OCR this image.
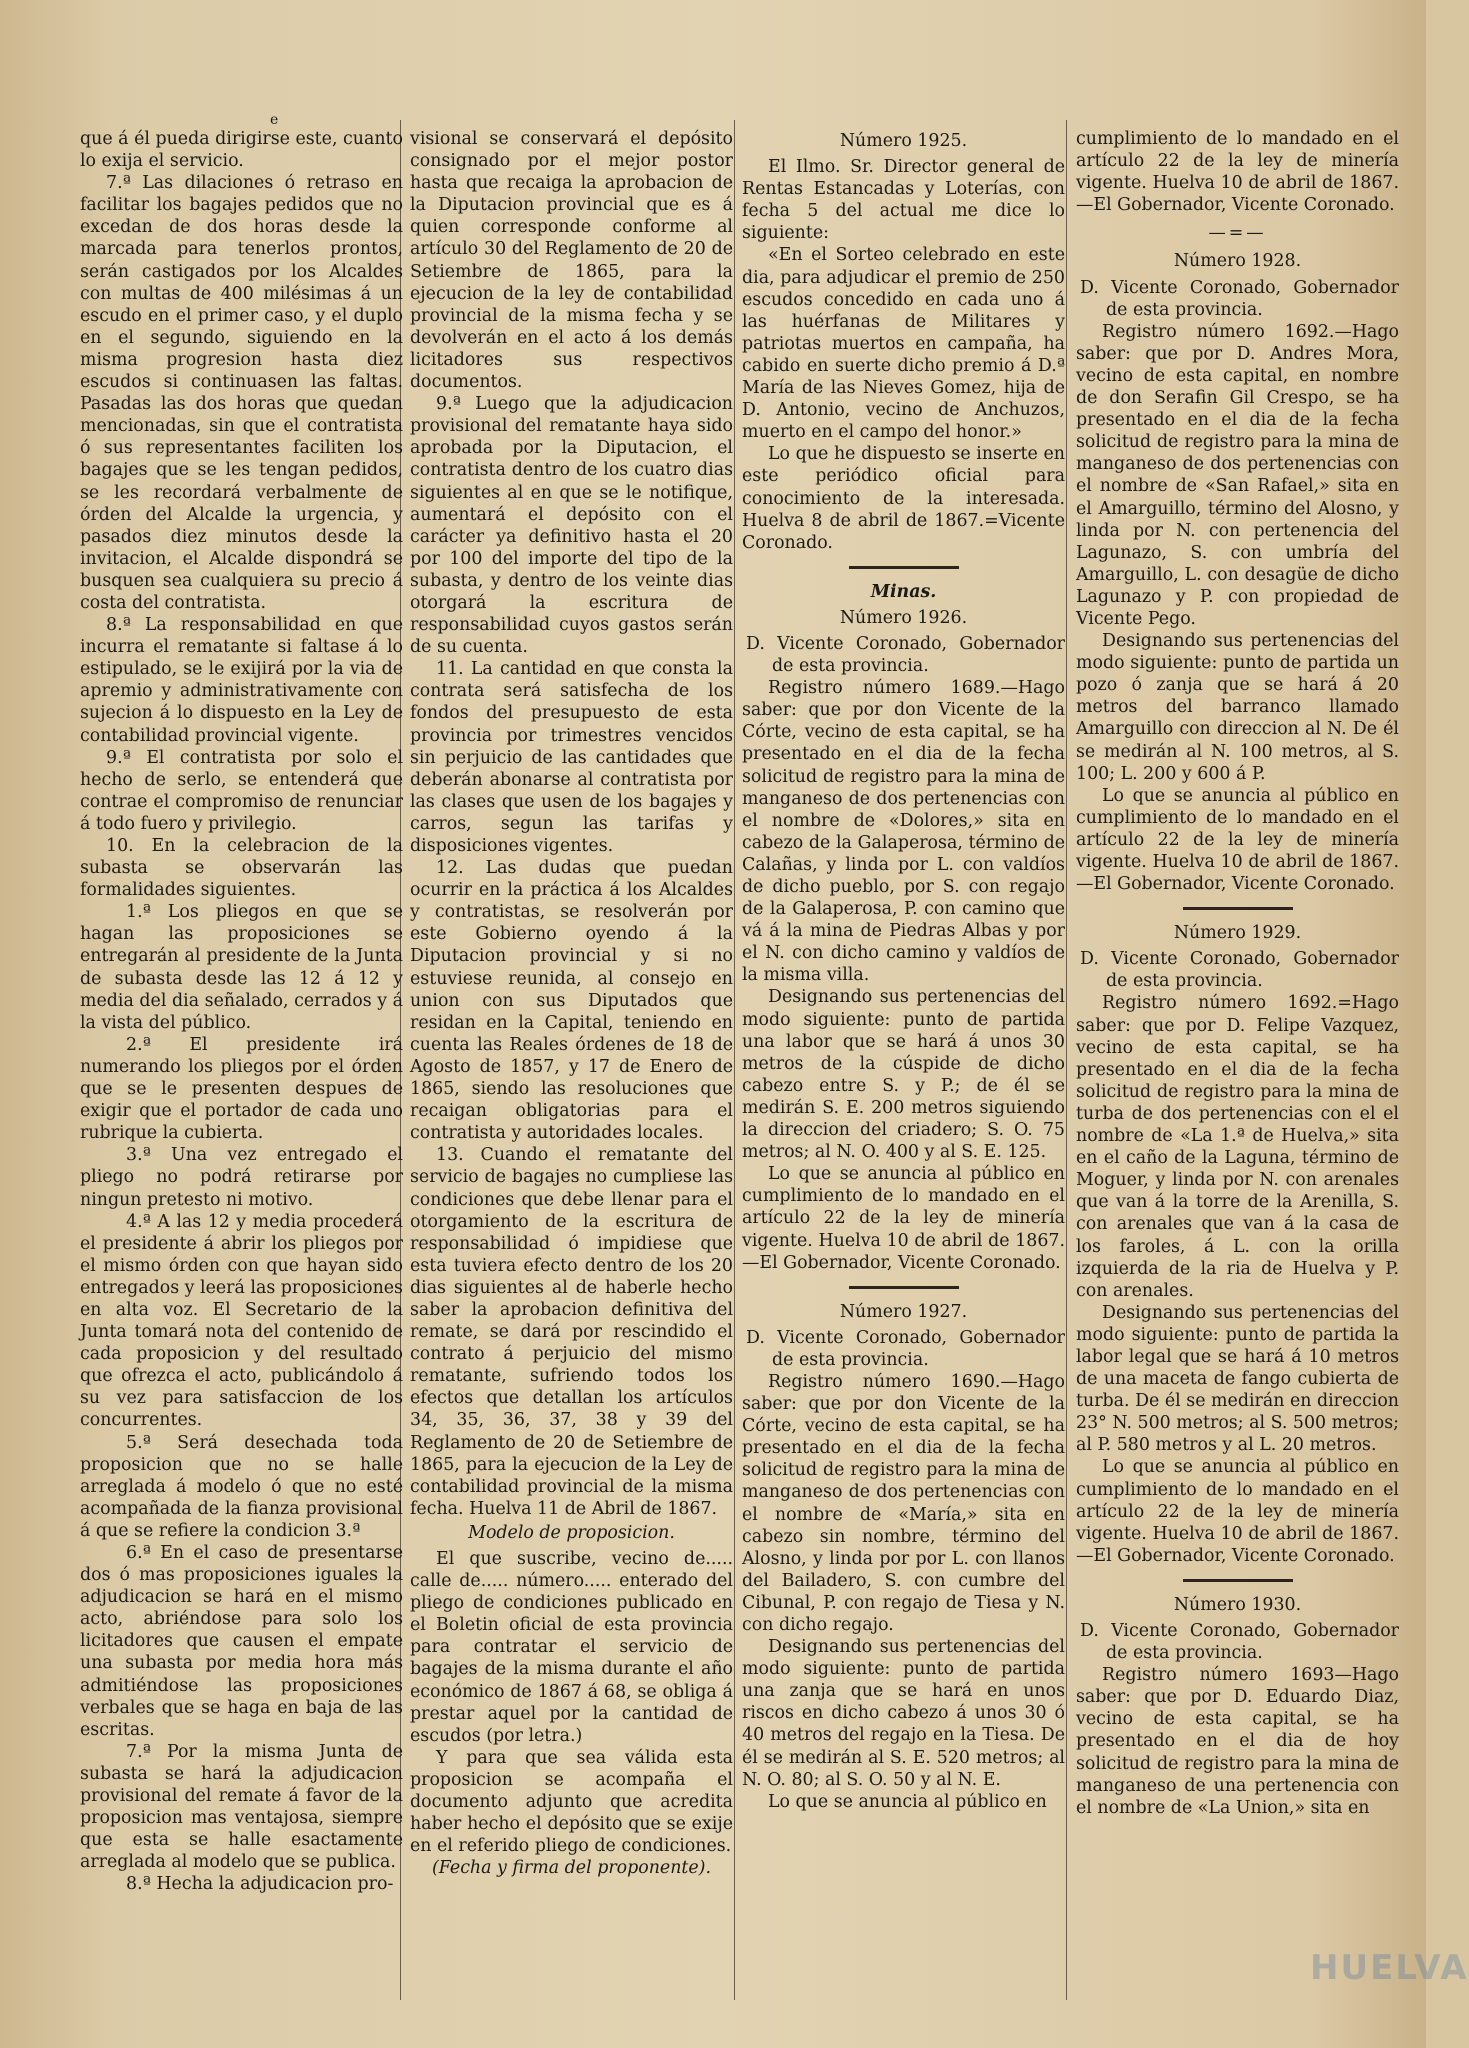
e

que á él pueda dirigirse este, cuanto lo exija el servicio.

7.ª Las dilaciones ó retraso en facilitar los bagajes pedidos que no excedan de dos horas desde la marcada para tenerlos prontos, serán castigados por los Alcaldes con multas de 400 milésimas á un escudo en el primer caso, y el duplo en el segundo, siguiendo en la misma progresion hasta diez escudos si continuasen las faltas. Pasadas las dos horas que quedan mencionadas, sin que el contratista ó sus representantes faciliten los bagajes que se les tengan pedidos, se les recordará verbalmente de órden del Alcalde la urgencia, y pasados diez minutos desde la invitacion, el Alcalde dispondrá se busquen sea cualquiera su precio á costa del contratista.

8.ª La responsabilidad en que incurra el rematante si faltase á lo estipulado, se le exijirá por la via de apremio y administrativamente con sujecion á lo dispuesto en la Ley de contabilidad provincial vigente.

9.ª El contratista por solo el hecho de serlo, se entenderá que contrae el compromiso de renunciar á todo fuero y privilegio.

10. En la celebracion de la subasta se observarán las formalidades siguientes.

1.ª Los pliegos en que se hagan las proposiciones se entregarán al presidente de la Junta de subasta desde las 12 á 12 y media del dia señalado, cerrados y á la vista del público.

2.ª El presidente irá numerando los pliegos por el órden que se le presenten despues de exigir que el portador de cada uno rubrique la cubierta.

3.ª Una vez entregado el pliego no podrá retirarse por ningun pretesto ni motivo.

4.ª A las 12 y media procederá el presidente á abrir los pliegos por el mismo órden con que hayan sido entregados y leerá las proposiciones en alta voz. El Secretario de la Junta tomará nota del contenido de cada proposicion y del resultado que ofrezca el acto, publicándolo á su vez para satisfaccion de los concurrentes.

5.ª Será desechada toda proposicion que no se halle arreglada á modelo ó que no esté acompañada de la fianza provisional á que se refiere la condicion 3.ª

6.ª En el caso de presentarse dos ó mas proposiciones iguales la adjudicacion se hará en el mismo acto, abriéndose para solo los licitadores que causen el empate una subasta por media hora más admitiéndose las proposiciones verbales que se haga en baja de las escritas.

7.ª Por la misma Junta de subasta se hará la adjudicacion provisional del remate á favor de la proposicion mas ventajosa, siempre que esta se halle esactamente arreglada al modelo que se publica.

8.ª Hecha la adjudicacion pro-

visional se conservará el depósito consignado por el mejor postor hasta que recaiga la aprobacion de la Diputacion provincial que es á quien corresponde conforme al artículo 30 del Reglamento de 20 de Setiembre de 1865, para la ejecucion de la ley de contabilidad provincial de la misma fecha y se devolverán en el acto á los demás licitadores sus respectivos documentos.

9.ª Luego que la adjudicacion provisional del rematante haya sido aprobada por la Diputacion, el contratista dentro de los cuatro dias siguientes al en que se le notifique, aumentará el depósito con el carácter ya definitivo hasta el 20 por 100 del importe del tipo de la subasta, y dentro de los veinte dias otorgará la escritura de responsabilidad cuyos gastos serán de su cuenta.

11. La cantidad en que consta la contrata será satisfecha de los fondos del presupuesto de esta provincia por trimestres vencidos sin perjuicio de las cantidades que deberán abonarse al contratista por las clases que usen de los bagajes y carros, segun las tarifas y disposiciones vigentes.

12. Las dudas que puedan ocurrir en la práctica á los Alcaldes y contratistas, se resolverán por este Gobierno oyendo á la Diputacion provincial y si no estuviese reunida, al consejo en union con sus Diputados que residan en la Capital, teniendo en cuenta las Reales órdenes de 18 de Agosto de 1857, y 17 de Enero de 1865, siendo las resoluciones que recaigan obligatorias para el contratista y autoridades locales.

13. Cuando el rematante del servicio de bagajes no cumpliese las condiciones que debe llenar para el otorgamiento de la escritura de responsabilidad ó impidiese que esta tuviera efecto dentro de los 20 dias siguientes al de haberle hecho saber la aprobacion definitiva del remate, se dará por rescindido el contrato á perjuicio del mismo rematante, sufriendo todos los efectos que detallan los artículos 34, 35, 36, 37, 38 y 39 del Reglamento de 20 de Setiembre de 1865, para la ejecucion de la Ley de contabilidad provincial de la misma fecha. Huelva 11 de Abril de 1867.

Modelo de proposicion.

El que suscribe, vecino de..... calle de..... número..... enterado del pliego de condiciones publicado en el Boletin oficial de esta provincia para contratar el servicio de bagajes de la misma durante el año económico de 1867 á 68, se obliga á prestar aquel por la cantidad de escudos (por letra.)

Y para que sea válida esta proposicion se acompaña el documento adjunto que acredita haber hecho el depósito que se exije en el referido pliego de condiciones.

(Fecha y firma del proponente).
Número 1925.

El Ilmo. Sr. Director general de Rentas Estancadas y Loterías, con fecha 5 del actual me dice lo siguiente:

«En el Sorteo celebrado en este dia, para adjudicar el premio de 250 escudos concedido en cada uno á las huérfanas de Militares y patriotas muertos en campaña, ha cabido en suerte dicho premio á D.ª María de las Nieves Gomez, hija de D. Antonio, vecino de Anchuzos, muerto en el campo del honor.»

Lo que he dispuesto se inserte en este periódico oficial para conocimiento de la interesada. Huelva 8 de abril de 1867.=Vicente Coronado.

Minas.
Número 1926.

D. Vicente Coronado, Gobernador de esta provincia.

Registro número 1689.—Hago saber: que por don Vicente de la Córte, vecino de esta capital, se ha presentado en el dia de la fecha solicitud de registro para la mina de manganeso de dos pertenencias con el nombre de «Dolores,» sita en cabezo de la Galaperosa, término de Calañas, y linda por L. con valdíos de dicho pueblo, por S. con regajo de la Galaperosa, P. con camino que vá á la mina de Piedras Albas y por el N. con dicho camino y valdíos de la misma villa.

Designando sus pertenencias del modo siguiente: punto de partida una labor que se hará á unos 30 metros de la cúspide de dicho cabezo entre S. y P.; de él se medirán S. E. 200 metros siguiendo la direccion del criadero; S. O. 75 metros; al N. O. 400 y al S. E. 125.

Lo que se anuncia al público en cumplimiento de lo mandado en el artículo 22 de la ley de minería vigente. Huelva 10 de abril de 1867.—El Gobernador, Vicente Coronado.

Número 1927.

D. Vicente Coronado, Gobernador de esta provincia.

Registro número 1690.—Hago saber: que por don Vicente de la Córte, vecino de esta capital, se ha presentado en el dia de la fecha solicitud de registro para la mina de manganeso de dos pertenencias con el nombre de «María,» sita en cabezo sin nombre, término del Alosno, y linda por por L. con llanos del Bailadero, S. con cumbre del Cibunal, P. con regajo de Tiesa y N. con dicho regajo.

Designando sus pertenencias del modo siguiente: punto de partida una zanja que se hará en unos riscos en dicho cabezo á unos 30 ó 40 metros del regajo en la Tiesa. De él se medirán al S. E. 520 metros; al N. O. 80; al S. O. 50 y al N. E.

Lo que se anuncia al público en

cumplimiento de lo mandado en el artículo 22 de la ley de minería vigente. Huelva 10 de abril de 1867.—El Gobernador, Vicente Coronado.

—=—
Número 1928.

D. Vicente Coronado, Gobernador de esta provincia.

Registro número 1692.—Hago saber: que por D. Andres Mora, vecino de esta capital, en nombre de don Serafin Gil Crespo, se ha presentado en el dia de la fecha solicitud de registro para la mina de manganeso de dos pertenencias con el nombre de «San Rafael,» sita en el Amarguillo, término del Alosno, y linda por N. con pertenencia del Lagunazo, S. con umbría del Amarguillo, L. con desagüe de dicho Lagunazo y P. con propiedad de Vicente Pego.

Designando sus pertenencias del modo siguiente: punto de partida un pozo ó zanja que se hará á 20 metros del barranco llamado Amarguillo con direccion al N. De él se medirán al N. 100 metros, al S. 100; L. 200 y 600 á P.

Lo que se anuncia al público en cumplimiento de lo mandado en el artículo 22 de la ley de minería vigente. Huelva 10 de abril de 1867.—El Gobernador, Vicente Coronado.

Número 1929.

D. Vicente Coronado, Gobernador de esta provincia.

Registro número 1692.=Hago saber: que por D. Felipe Vazquez, vecino de esta capital, se ha presentado en el dia de la fecha solicitud de registro para la mina de turba de dos pertenencias con el el nombre de «La 1.ª de Huelva,» sita en el caño de la Laguna, término de Moguer, y linda por N. con arenales que van á la torre de la Arenilla, S. con arenales que van á la casa de los faroles, á L. con la orilla izquierda de la ria de Huelva y P. con arenales.

Designando sus pertenencias del modo siguiente: punto de partida la labor legal que se hará á 10 metros de una maceta de fango cubierta de turba. De él se medirán en direccion 23° N. 500 metros; al S. 500 metros; al P. 580 metros y al L. 20 metros.

Lo que se anuncia al público en cumplimiento de lo mandado en el artículo 22 de la ley de minería vigente. Huelva 10 de abril de 1867.—El Gobernador, Vicente Coronado.

Número 1930.

D. Vicente Coronado, Gobernador de esta provincia.

Registro número 1693—Hago saber: que por D. Eduardo Diaz, vecino de esta capital, se ha presentado en el dia de hoy solicitud de registro para la mina de manganeso de una pertenencia con el nombre de «La Union,» sita en

HUELVA
